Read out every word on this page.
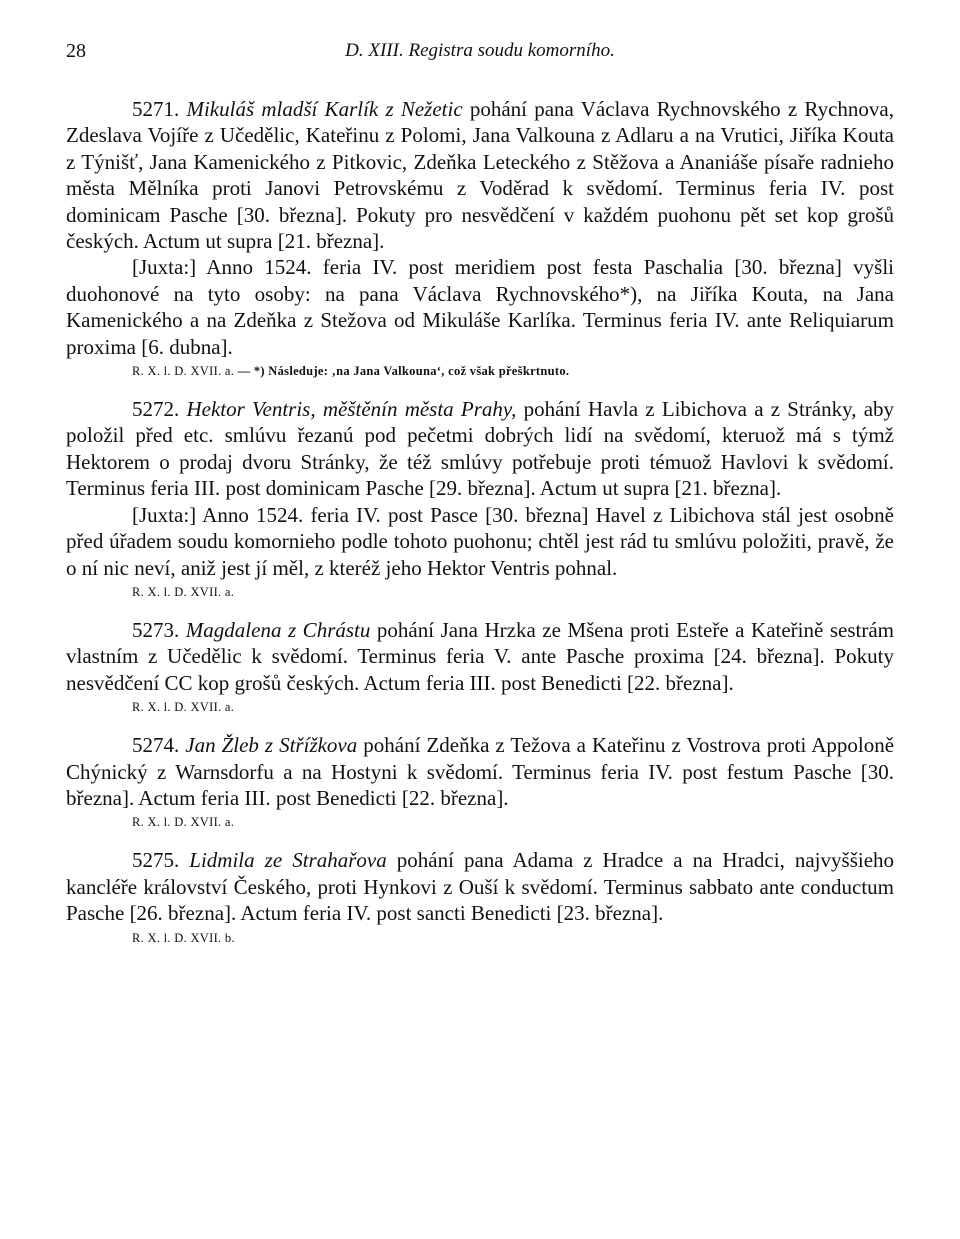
28	D. XIII. Registra soudu komorního.

5271. Mikuláš mladší Karlík z Nežetic pohání pana Václava Rychnovského z Rychnova, Zdeslava Vojíře z Učedělic, Kateřinu z Polomi, Jana Valkouna z Adlaru a na Vrutici, Jiříka Kouta z Týnišť, Jana Kamenického z Pitkovic, Zdeňka Leteckého z Stěžova a Ananiáše písaře radnieho města Mělníka proti Janovi Petrovskému z Voděrad k svědomí. Terminus feria IV. post dominicam Pasche [30. března]. Pokuty pro nesvědčení v každém puohonu pět set kop grošů českých. Actum ut supra [21. března].

[Juxta:] Anno 1524. feria IV. post meridiem post festa Paschalia [30. března] vyšli duohonové na tyto osoby: na pana Václava Rychnovského*), na Jiříka Kouta, na Jana Kamenického a na Zdeňka z Stežova od Mikuláše Karlíka. Terminus feria IV. ante Reliquiarum proxima [6. dubna].

R. X. l. D. XVII. a. — *) Následuje: ‚na Jana Valkouna‘, což však přeškrtnuto.

5272. Hektor Ventris, měštěnín města Prahy, pohání Havla z Libichova a z Stránky, aby položil před etc. smlúvu řezanú pod pečetmi dobrých lidí na svědomí, kteruož má s týmž Hektorem o prodaj dvoru Stránky, že též smlúvy potřebuje proti témuož Havlovi k svědomí. Terminus feria III. post dominicam Pasche [29. března]. Actum ut supra [21. března].

[Juxta:] Anno 1524. feria IV. post Pasce [30. března] Havel z Libichova stál jest osobně před úřadem soudu komornieho podle tohoto puohonu; chtěl jest rád tu smlúvu položiti, pravě, že o ní nic neví, aniž jest jí měl, z kteréž jeho Hektor Ventris pohnal.

R. X. l. D. XVII. a.

5273. Magdalena z Chrástu pohání Jana Hrzka ze Mšena proti Esteře a Kateřině sestrám vlastním z Učedělic k svědomí. Terminus feria V. ante Pasche proxima [24. března]. Pokuty nesvědčení CC kop grošů českých. Actum feria III. post Benedicti [22. března].

R. X. l. D. XVII. a.

5274. Jan Žleb z Střížkova pohání Zdeňka z Težova a Kateřinu z Vostrova proti Appoloně Chýnický z Warnsdorfu a na Hostyni k svědomí. Terminus feria IV. post festum Pasche [30. března]. Actum feria III. post Benedicti [22. března].

R. X. l. D. XVII. a.

5275. Lidmila ze Strahařova pohání pana Adama z Hradce a na Hradci, najvyššieho kancléře království Českého, proti Hynkovi z Ouší k svědomí. Terminus sabbato ante conductum Pasche [26. března]. Actum feria IV. post sancti Benedicti [23. března].

R. X. l. D. XVII. b.
